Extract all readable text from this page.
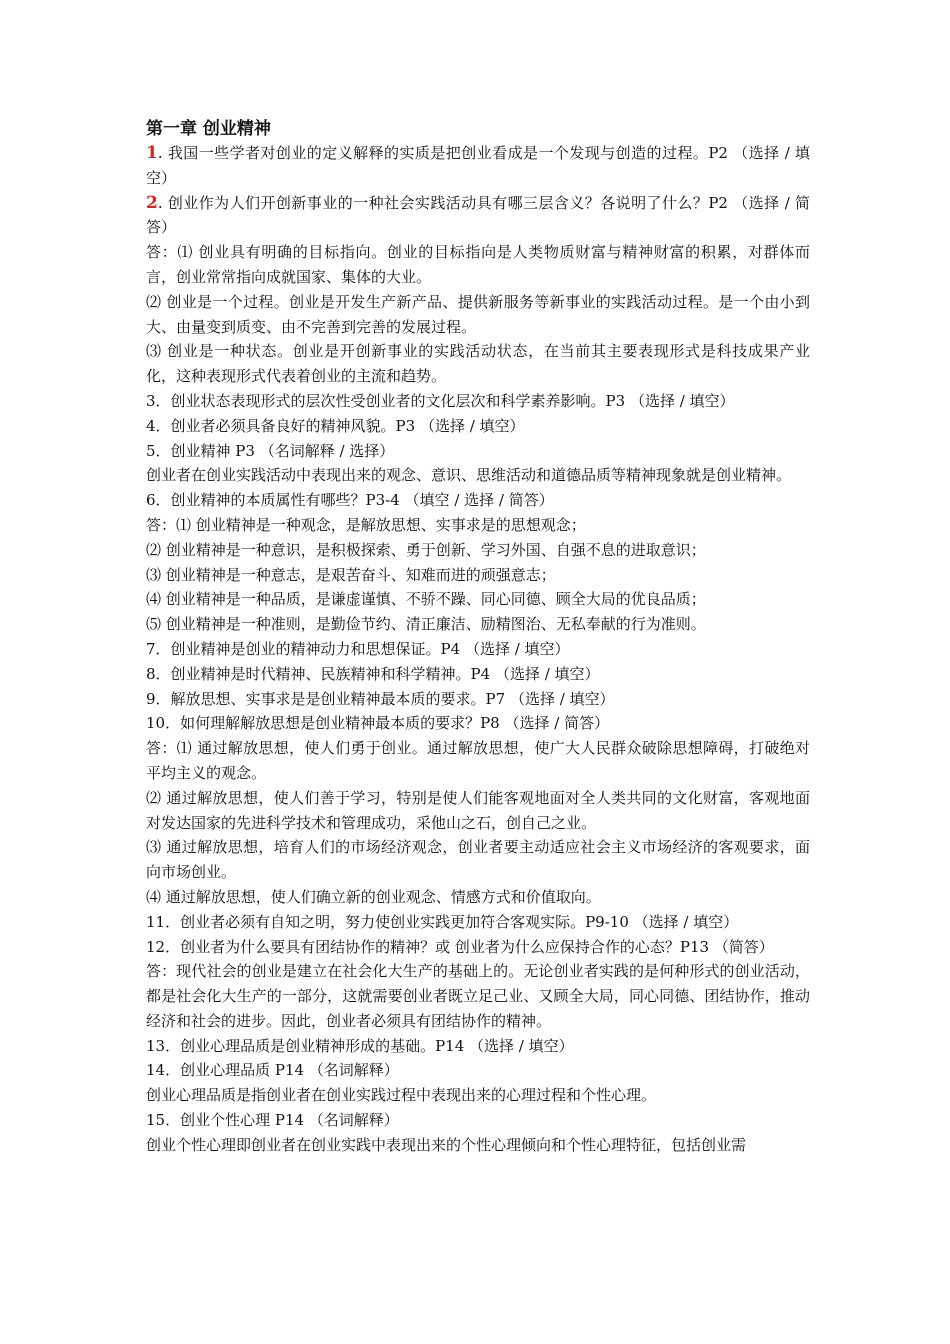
第一章 创业精神

1. 我国一些学者对创业的定义解释的实质是把创业看成是一个发现与创造的过程。P2 （选择 / 填空）

2. 创业作为人们开创新事业的一种社会实践活动具有哪三层含义？各说明了什么？P2 （选择 / 简答）

答：⑴ 创业具有明确的目标指向。创业的目标指向是人类物质财富与精神财富的积累，对群体而言，创业常常指向成就国家、集体的大业。

⑵ 创业是一个过程。创业是开发生产新产品、提供新服务等新事业的实践活动过程。是一个由小到大、由量变到质变、由不完善到完善的发展过程。

⑶ 创业是一种状态。创业是开创新事业的实践活动状态，在当前其主要表现形式是科技成果产业化，这种表现形式代表着创业的主流和趋势。

3．创业状态表现形式的层次性受创业者的文化层次和科学素养影响。P3 （选择 / 填空）

4．创业者必须具备良好的精神风貌。P3 （选择 / 填空）

5．创业精神 P3 （名词解释 / 选择）

创业者在创业实践活动中表现出来的观念、意识、思维活动和道德品质等精神现象就是创业精神。

6．创业精神的本质属性有哪些？P3-4 （填空 / 选择 / 简答）

答：⑴ 创业精神是一种观念，是解放思想、实事求是的思想观念；

⑵ 创业精神是一种意识，是积极探索、勇于创新、学习外国、自强不息的进取意识；

⑶ 创业精神是一种意志，是艰苦奋斗、知难而进的顽强意志；

⑷ 创业精神是一种品质，是谦虚谨慎、不骄不躁、同心同德、顾全大局的优良品质；

⑸ 创业精神是一种准则，是勤俭节约、清正廉洁、励精图治、无私奉献的行为准则。

7．创业精神是创业的精神动力和思想保证。P4 （选择 / 填空）

8．创业精神是时代精神、民族精神和科学精神。P4 （选择 / 填空）

9．解放思想、实事求是是创业精神最本质的要求。P7 （选择 / 填空）

10．如何理解解放思想是创业精神最本质的要求？P8 （选择 / 简答）

答：⑴ 通过解放思想，使人们勇于创业。通过解放思想，使广大人民群众破除思想障碍，打破绝对平均主义的观念。

⑵ 通过解放思想，使人们善于学习，特别是使人们能客观地面对全人类共同的文化财富，客观地面对发达国家的先进科学技术和管理成功，采他山之石，创自己之业。

⑶ 通过解放思想，培育人们的市场经济观念，创业者要主动适应社会主义市场经济的客观要求，面向市场创业。

⑷ 通过解放思想，使人们确立新的创业观念、情感方式和价值取向。

11．创业者必须有自知之明，努力使创业实践更加符合客观实际。P9-10 （选择 / 填空）

12．创业者为什么要具有团结协作的精神？或 创业者为什么应保持合作的心态？P13 （简答）

答：现代社会的创业是建立在社会化大生产的基础上的。无论创业者实践的是何种形式的创业活动，都是社会化大生产的一部分，这就需要创业者既立足己业、又顾全大局，同心同德、团结协作，推动经济和社会的进步。因此，创业者必须具有团结协作的精神。

13．创业心理品质是创业精神形成的基础。P14 （选择 / 填空）

14．创业心理品质 P14 （名词解释）

创业心理品质是指创业者在创业实践过程中表现出来的心理过程和个性心理。

15．创业个性心理 P14 （名词解释）

创业个性心理即创业者在创业实践中表现出来的个性心理倾向和个性心理特征，包括创业需
